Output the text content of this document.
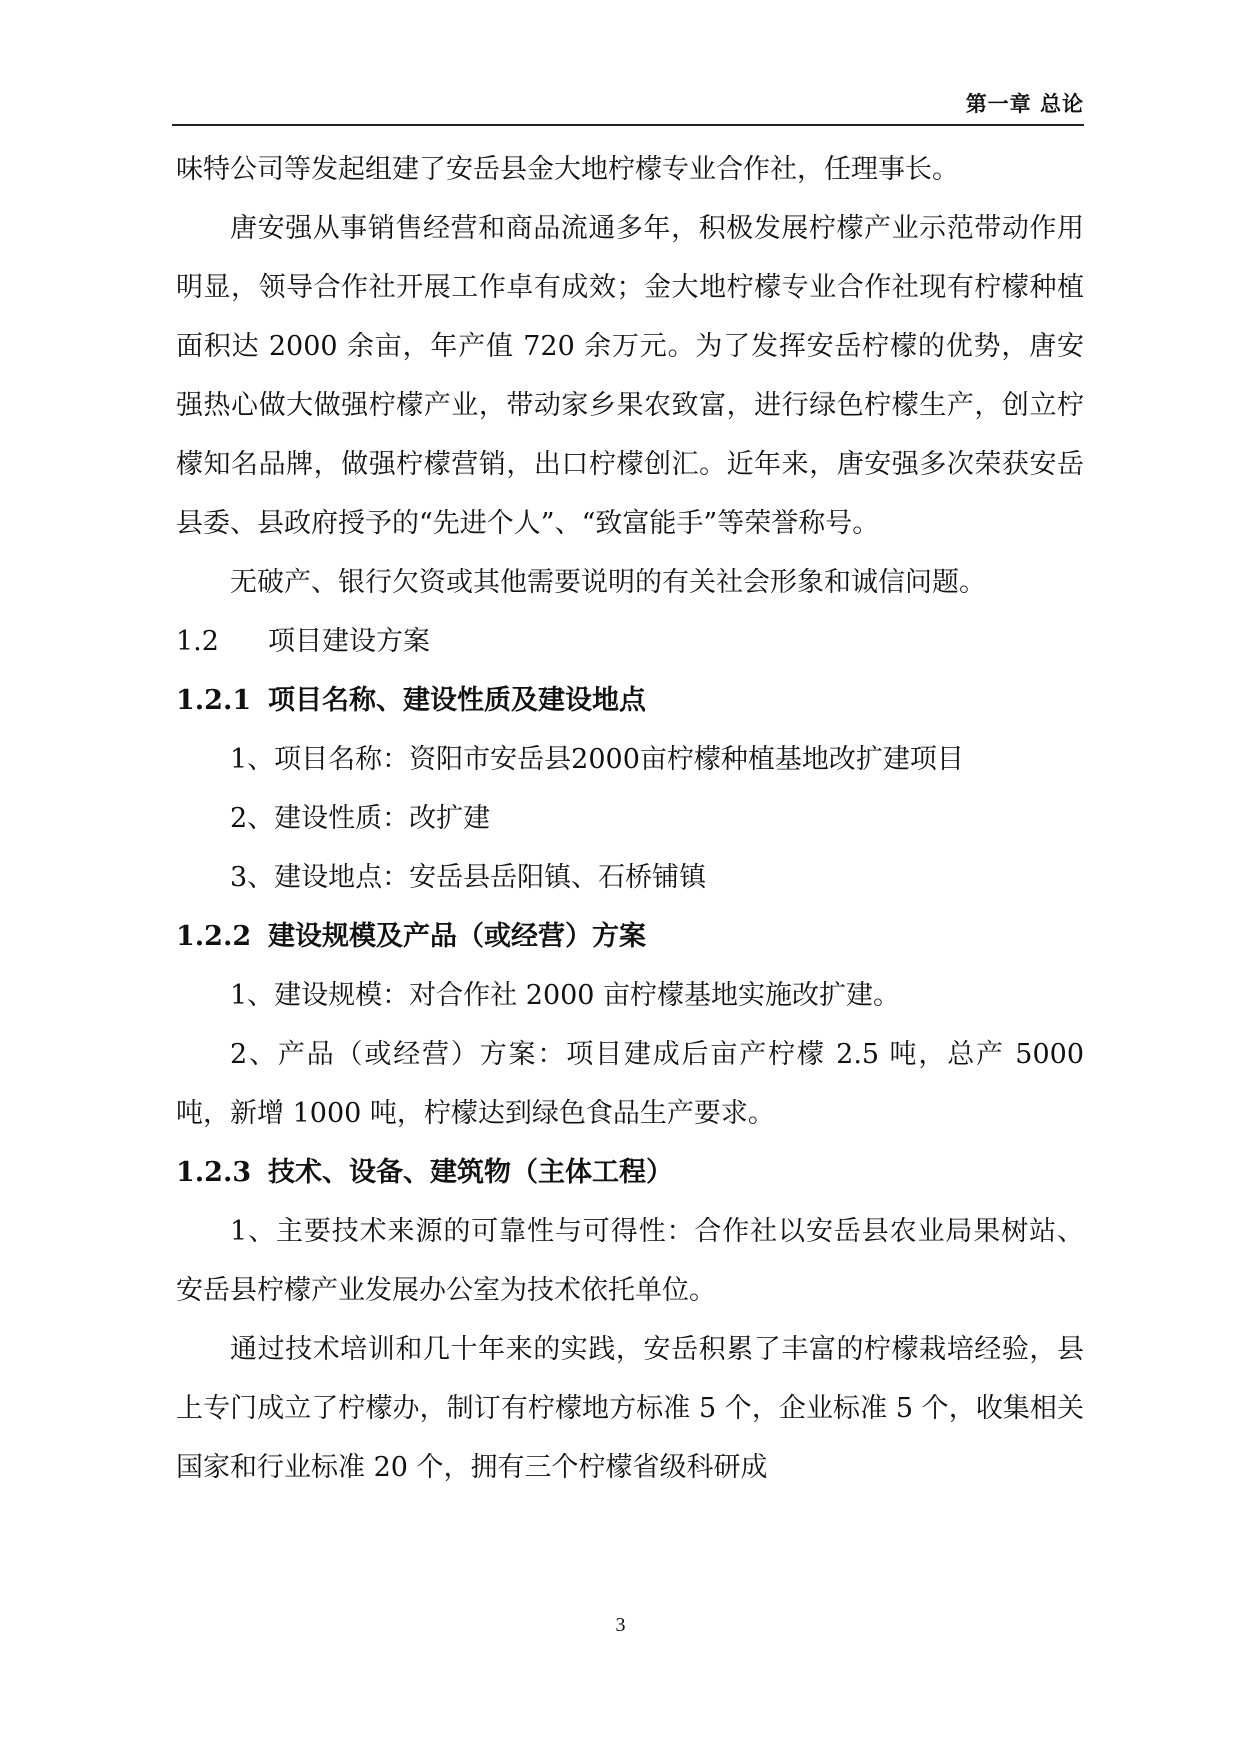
第一章 总论

味特公司等发起组建了安岳县金大地柠檬专业合作社，任理事长。

唐安强从事销售经营和商品流通多年，积极发展柠檬产业示范带动作用明显，领导合作社开展工作卓有成效；金大地柠檬专业合作社现有柠檬种植面积达 2000 余亩，年产值 720 余万元。为了发挥安岳柠檬的优势，唐安强热心做大做强柠檬产业，带动家乡果农致富，进行绿色柠檬生产，创立柠檬知名品牌，做强柠檬营销，出口柠檬创汇。近年来，唐安强多次荣获安岳县委、县政府授予的“先进个人”、“致富能手”等荣誉称号。

无破产、银行欠资或其他需要说明的有关社会形象和诚信问题。

1.2 项目建设方案

1.2.1 项目名称、建设性质及建设地点

1、项目名称：资阳市安岳县2000亩柠檬种植基地改扩建项目

2、建设性质：改扩建

3、建设地点：安岳县岳阳镇、石桥铺镇

1.2.2 建设规模及产品（或经营）方案

1、建设规模：对合作社 2000 亩柠檬基地实施改扩建。

2、产品（或经营）方案：项目建成后亩产柠檬 2.5 吨，总产 5000 吨，新增 1000 吨，柠檬达到绿色食品生产要求。

1.2.3 技术、设备、建筑物（主体工程）

1、主要技术来源的可靠性与可得性：合作社以安岳县农业局果树站、安岳县柠檬产业发展办公室为技术依托单位。

通过技术培训和几十年来的实践，安岳积累了丰富的柠檬栽培经验，县上专门成立了柠檬办，制订有柠檬地方标准 5 个，企业标准 5 个，收集相关国家和行业标准 20 个，拥有三个柠檬省级科研成

3
